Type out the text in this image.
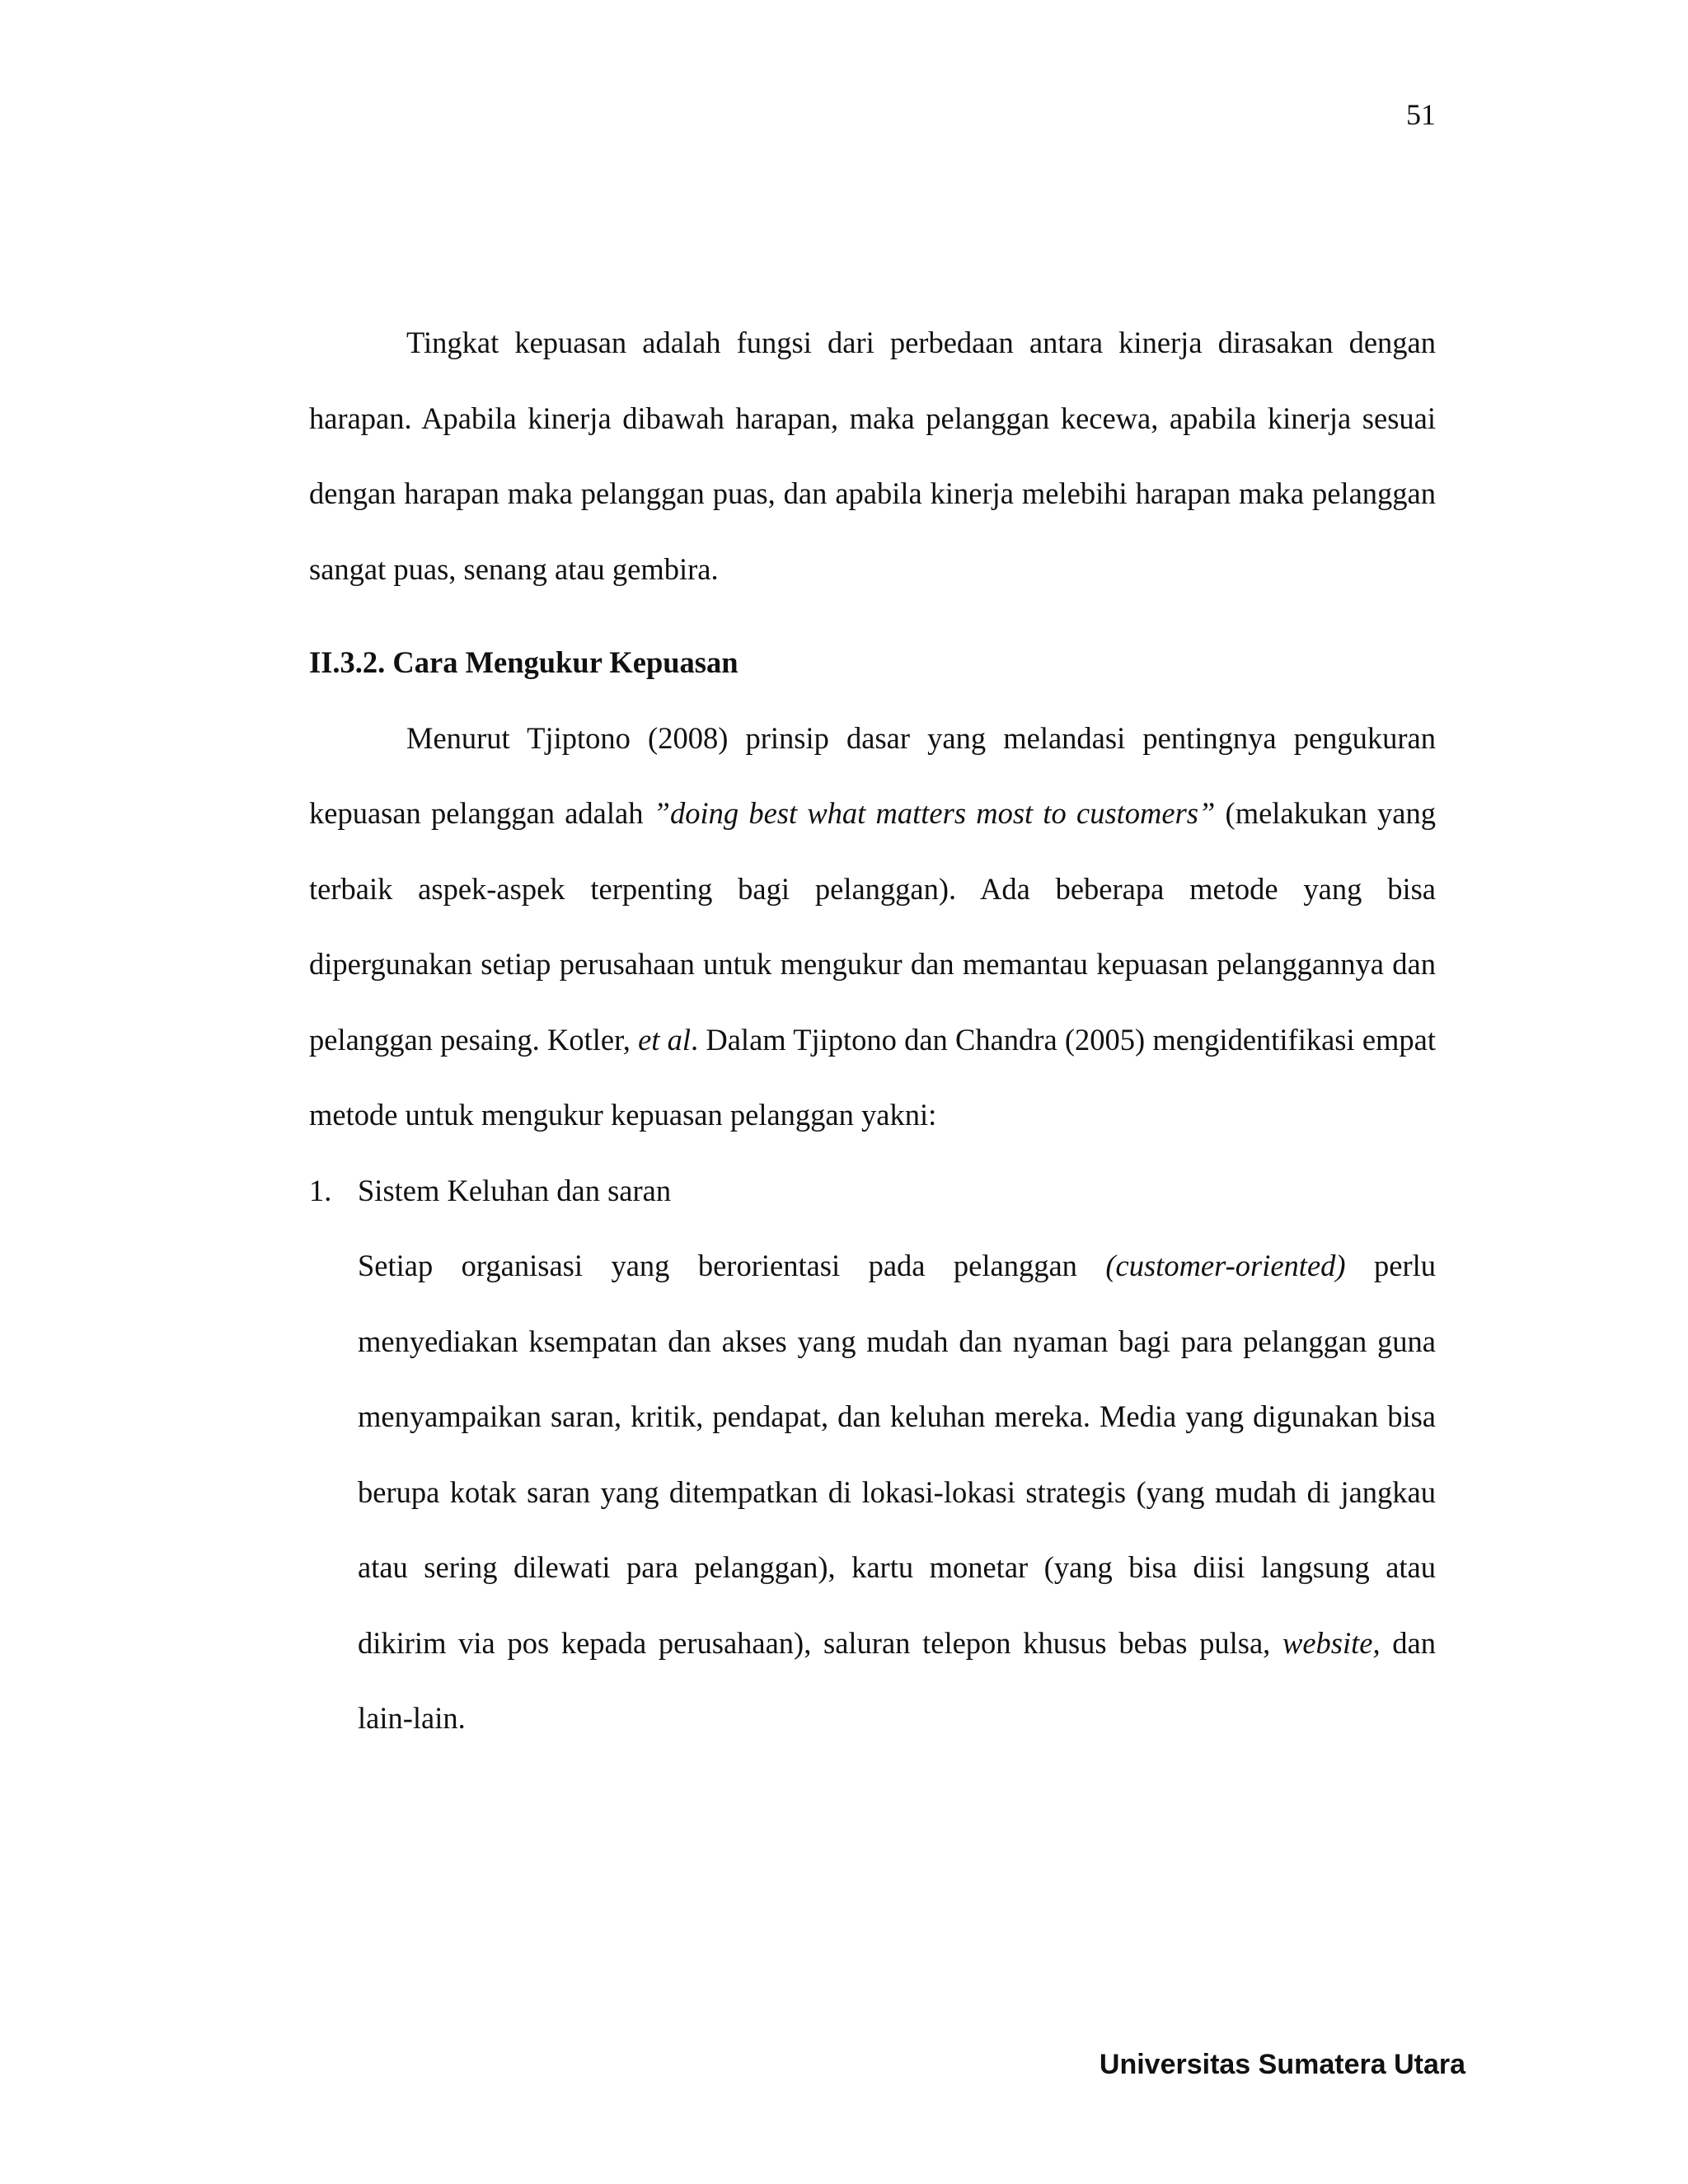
51

Tingkat kepuasan adalah fungsi dari perbedaan antara kinerja dirasakan dengan harapan. Apabila kinerja dibawah harapan, maka pelanggan kecewa, apabila kinerja sesuai dengan harapan maka pelanggan puas, dan apabila kinerja melebihi harapan maka pelanggan sangat puas, senang atau gembira.

II.3.2. Cara Mengukur Kepuasan

Menurut Tjiptono (2008) prinsip dasar yang melandasi pentingnya pengukuran kepuasan pelanggan adalah ”doing best what matters most to customers” (melakukan yang terbaik aspek-aspek terpenting bagi pelanggan). Ada beberapa metode yang bisa dipergunakan setiap perusahaan untuk mengukur dan memantau kepuasan pelanggannya dan pelanggan pesaing. Kotler, et al. Dalam Tjiptono dan Chandra (2005) mengidentifikasi empat metode untuk mengukur kepuasan pelanggan yakni:

1. Sistem Keluhan dan saran

Setiap organisasi yang berorientasi pada pelanggan (customer-oriented) perlu menyediakan ksempatan dan akses yang mudah dan nyaman bagi para pelanggan guna menyampaikan saran, kritik, pendapat, dan keluhan mereka. Media yang digunakan bisa berupa kotak saran yang ditempatkan di lokasi-lokasi strategis (yang mudah di jangkau atau sering dilewati para pelanggan), kartu monetar (yang bisa diisi langsung atau dikirim via pos kepada perusahaan), saluran telepon khusus bebas pulsa, website, dan lain-lain.

Universitas Sumatera Utara
